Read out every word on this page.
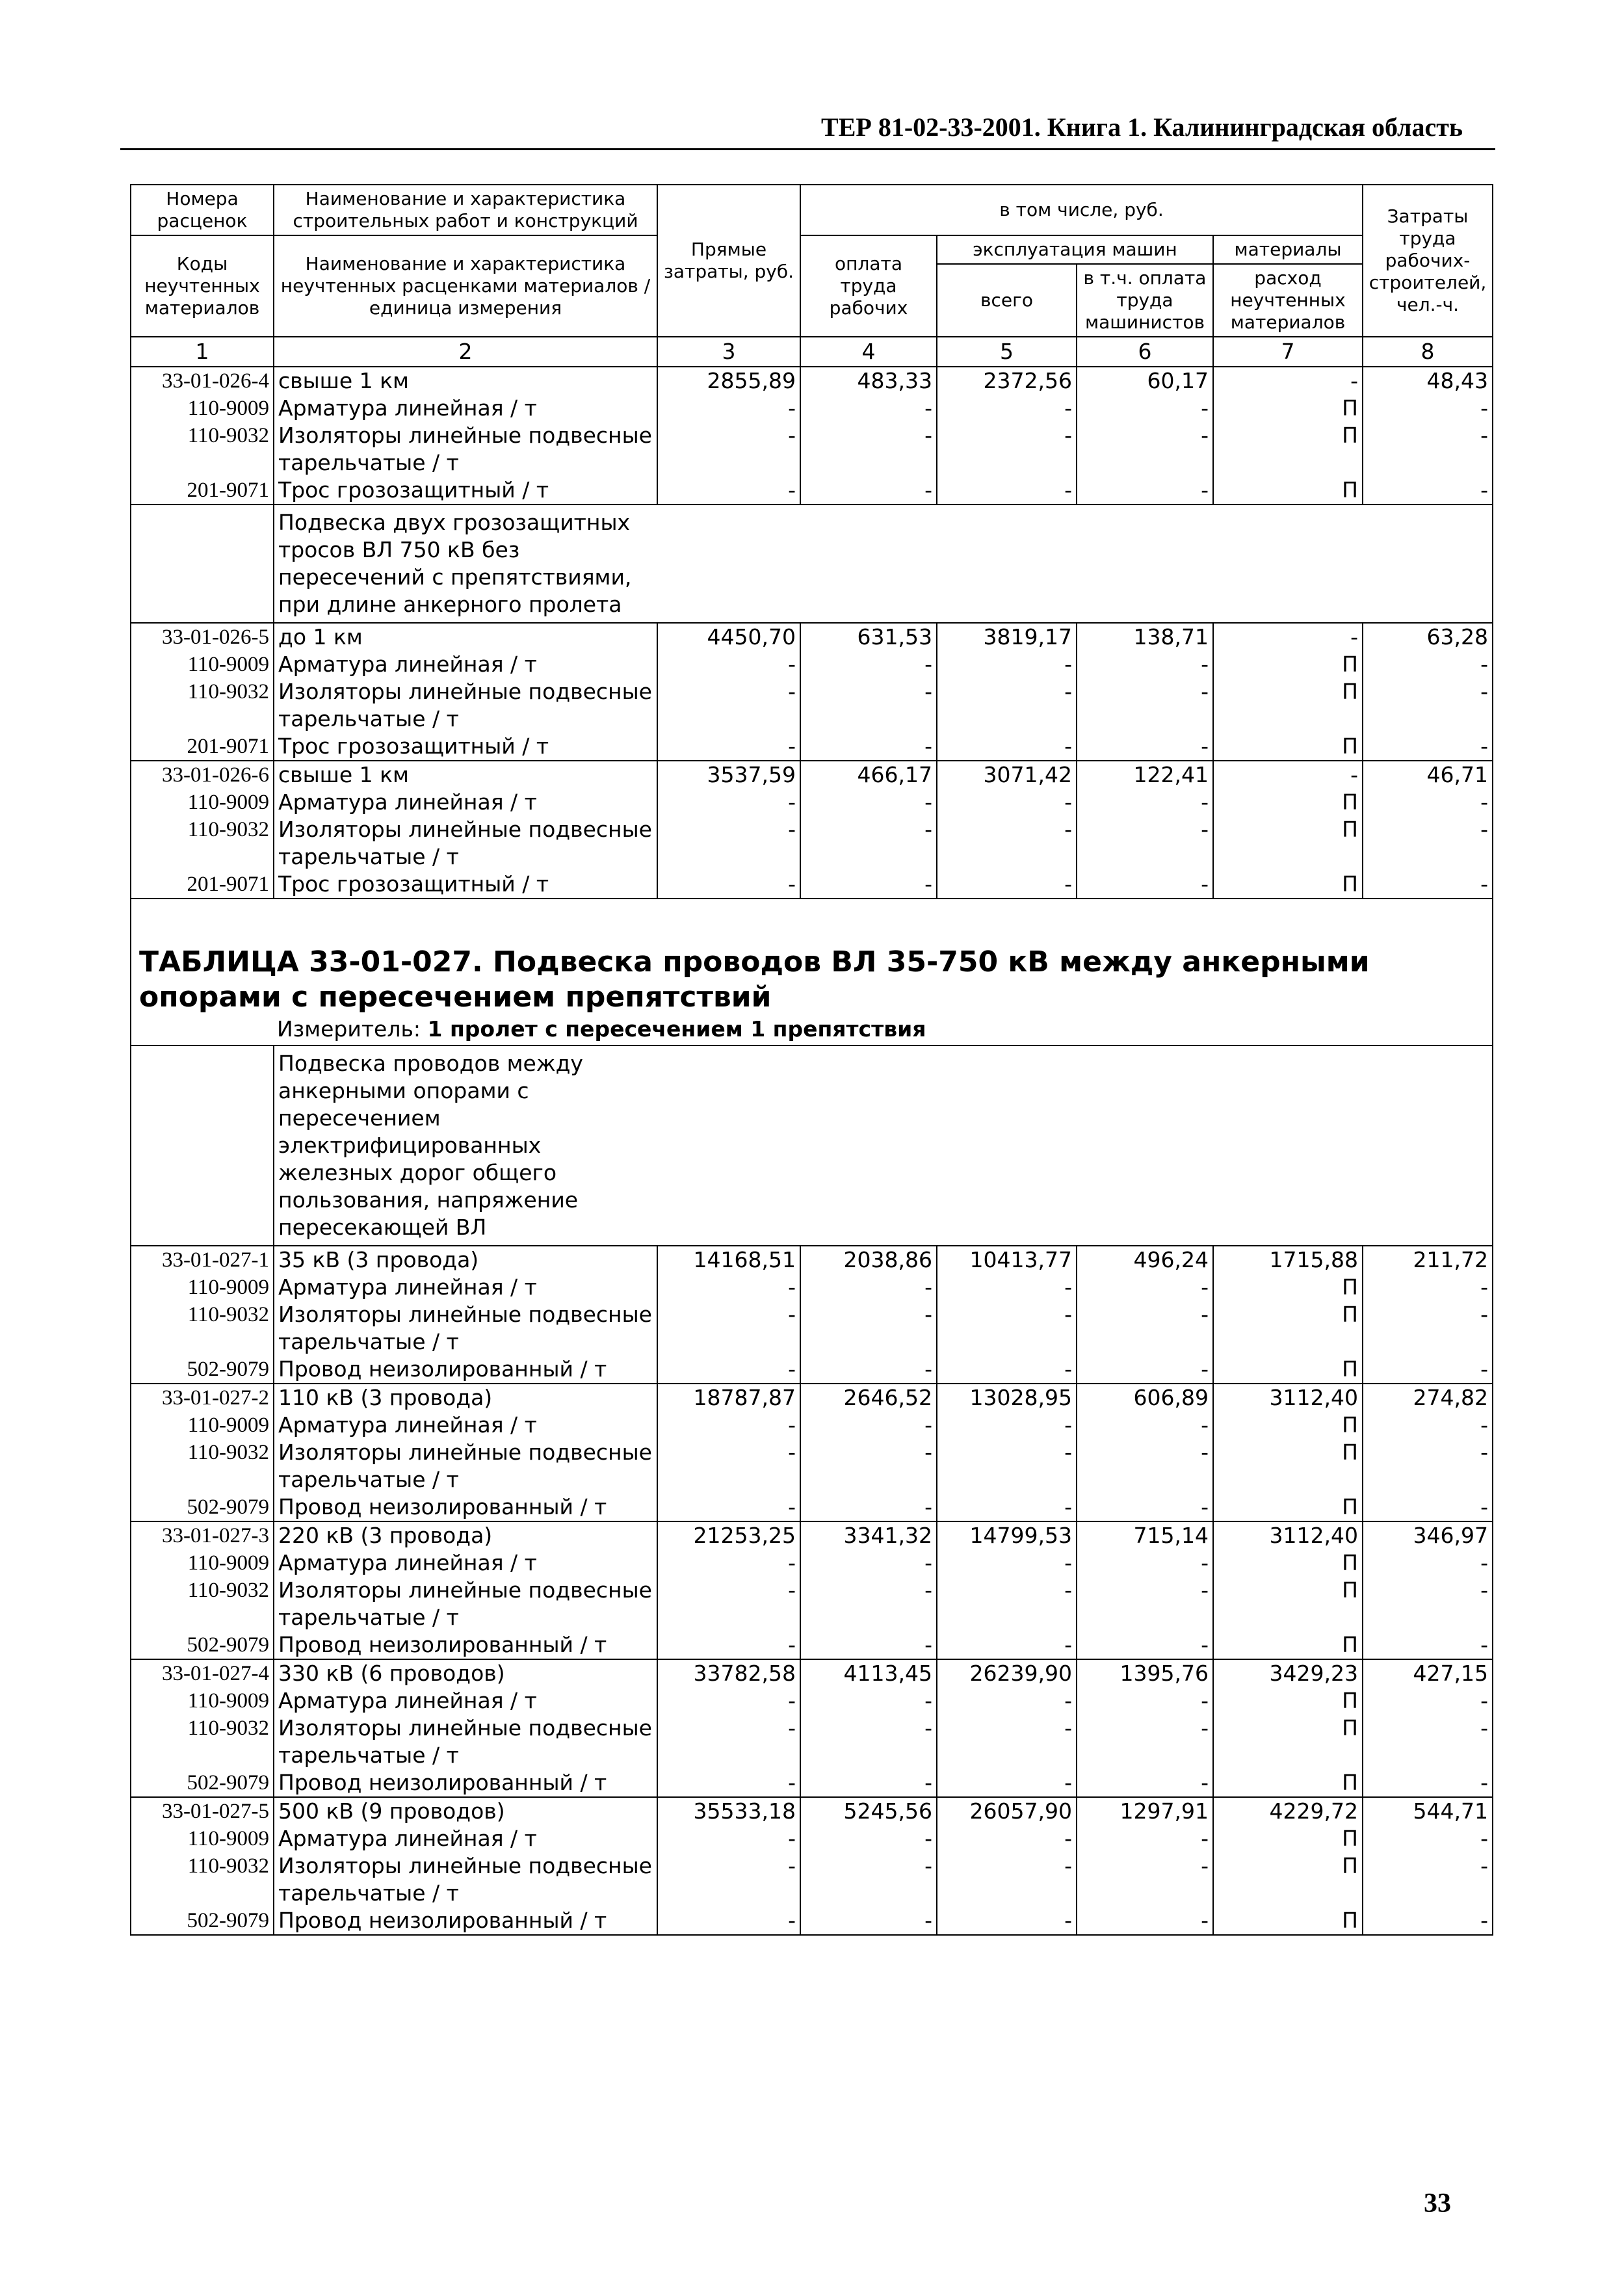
ТЕР 81-02-33-2001. Книга 1. Калининградская область
Номера расценок	Наименование и характеристика строительных работ и конструкций	Прямые затраты, руб.	в том числе, руб.				Затраты труда рабочих-строителей, чел.-ч.
Коды неучтенных материалов	Наименование и характеристика неучтенных расценками материалов / единица измерения		оплата труда рабочих	эксплуатация машин		материалы	
				всего	в т.ч. оплата труда машинистов	расход неучтенных материалов	
1	2	3	4	5	6	7	8
33-01-026-4	свыше 1 км	2855,89	483,33	2372,56	60,17	-	48,43
110-9009	Арматура линейная / т	-	-	-	-	П	-
110-9032	Изоляторы линейные подвесные тарельчатые / т	-	-	-	-	П	-
201-9071	Трос грозозащитный / т	-	-	-	-	П	-
	Подвеска двух грозозащитных тросов ВЛ 750 кВ без пересечений с препятствиями, при длине анкерного пролета						
33-01-026-5	до 1 км	4450,70	631,53	3819,17	138,71	-	63,28
110-9009	Арматура линейная / т	-	-	-	-	П	-
110-9032	Изоляторы линейные подвесные тарельчатые / т	-	-	-	-	П	-
201-9071	Трос грозозащитный / т	-	-	-	-	П	-
33-01-026-6	свыше 1 км	3537,59	466,17	3071,42	122,41	-	46,71
110-9009	Арматура линейная / т	-	-	-	-	П	-
110-9032	Изоляторы линейные подвесные тарельчатые / т	-	-	-	-	П	-
201-9071	Трос грозозащитный / т	-	-	-	-	П	-

ТАБЛИЦА 33-01-027. Подвеска проводов ВЛ 35-750 кВ между анкерными опорами с пересечением препятствий
Измеритель: 1 пролет с пересечением 1 препятствия							

	Подвеска проводов между анкерными опорами с пересечением электрифицированных железных дорог общего пользования, напряжение пересекающей ВЛ						
33-01-027-1	35 кВ (3 провода)	14168,51	2038,86	10413,77	496,24	1715,88	211,72
110-9009	Арматура линейная / т	-	-	-	-	П	-
110-9032	Изоляторы линейные подвесные тарельчатые / т	-	-	-	-	П	-
502-9079	Провод неизолированный / т	-	-	-	-	П	-
33-01-027-2	110 кВ (3 провода)	18787,87	2646,52	13028,95	606,89	3112,40	274,82
110-9009	Арматура линейная / т	-	-	-	-	П	-
110-9032	Изоляторы линейные подвесные тарельчатые / т	-	-	-	-	П	-
502-9079	Провод неизолированный / т	-	-	-	-	П	-
33-01-027-3	220 кВ (3 провода)	21253,25	3341,32	14799,53	715,14	3112,40	346,97
110-9009	Арматура линейная / т	-	-	-	-	П	-
110-9032	Изоляторы линейные подвесные тарельчатые / т	-	-	-	-	П	-
502-9079	Провод неизолированный / т	-	-	-	-	П	-
33-01-027-4	330 кВ (6 проводов)	33782,58	4113,45	26239,90	1395,76	3429,23	427,15
110-9009	Арматура линейная / т	-	-	-	-	П	-
110-9032	Изоляторы линейные подвесные тарельчатые / т	-	-	-	-	П	-
502-9079	Провод неизолированный / т	-	-	-	-	П	-
33-01-027-5	500 кВ (9 проводов)	35533,18	5245,56	26057,90	1297,91	4229,72	544,71
110-9009	Арматура линейная / т	-	-	-	-	П	-
110-9032	Изоляторы линейные подвесные тарельчатые / т	-	-	-	-	П	-
502-9079	Провод неизолированный / т	-	-	-	-	П	-
33
